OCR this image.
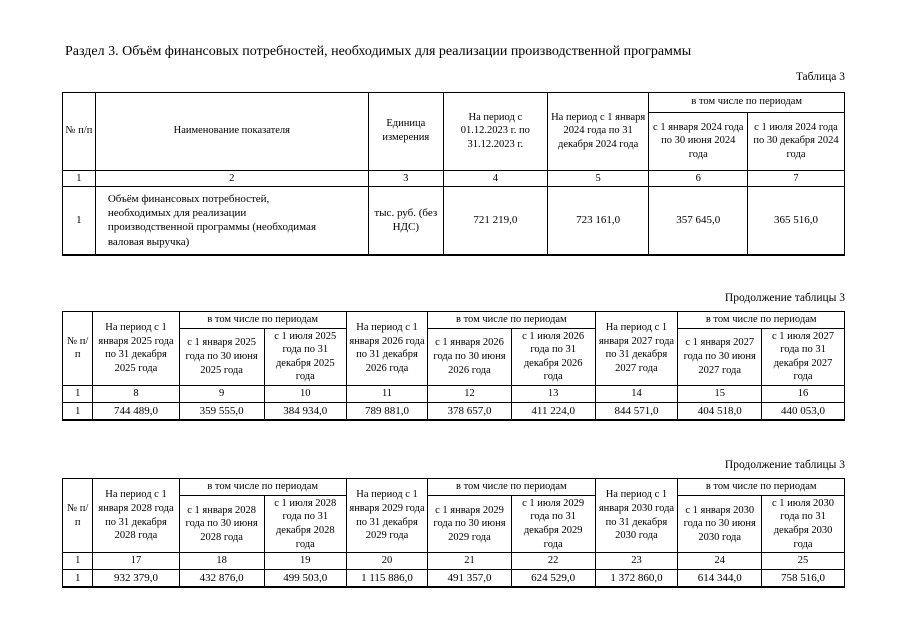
Раздел 3. Объём финансовых потребностей, необходимых для реализации производственной программы
Таблица 3
№ п/п	Наименование показателя	Единица измерения	На период с 01.12.2023 г. по 31.12.2023 г.	На период с 1 января 2024 года по 31 декабря 2024 года	в том числе по периодам	
					с 1 января 2024 года по 30 июня 2024 года	с 1 июля 2024 года по 30 декабря 2024 года
1	2	3	4	5	6	7
1	Объём финансовых потребностей, необходимых для реализации производственной программы (необходимая валовая выручка)	тыс. руб. (без НДС)	721 219,0	723 161,0	357 645,0	365 516,0
Продолжение таблицы 3
№ п/п	На период с 1 января 2025 года по 31 декабря 2025 года	в том числе по периодам		На период с 1 января 2026 года по 31 декабря 2026 года	в том числе по периодам		На период с 1 января 2027 года по 31 декабря 2027 года	в том числе по периодам	
		с 1 января 2025 года по 30 июня 2025 года	с 1 июля 2025 года по 31 декабря 2025 года		с 1 января 2026 года по 30 июня 2026 года	с 1 июля 2026 года по 31 декабря 2026 года		с 1 января 2027 года по 30 июня 2027 года	с 1 июля 2027 года по 31 декабря 2027 года
1	8	9	10	11	12	13	14	15	16
1	744 489,0	359 555,0	384 934,0	789 881,0	378 657,0	411 224,0	844 571,0	404 518,0	440 053,0
Продолжение таблицы 3
№ п/п	На период с 1 января 2028 года по 31 декабря 2028 года	в том числе по периодам		На период с 1 января 2029 года по 31 декабря 2029 года	в том числе по периодам		На период с 1 января 2030 года по 31 декабря 2030 года	в том числе по периодам	
		с 1 января 2028 года по 30 июня 2028 года	с 1 июля 2028 года по 31 декабря 2028 года		с 1 января 2029 года по 30 июня 2029 года	с 1 июля 2029 года по 31 декабря 2029 года		с 1 января 2030 года по 30 июня 2030 года	с 1 июля 2030 года по 31 декабря 2030 года
1	17	18	19	20	21	22	23	24	25
1	932 379,0	432 876,0	499 503,0	1 115 886,0	491 357,0	624 529,0	1 372 860,0	614 344,0	758 516,0
